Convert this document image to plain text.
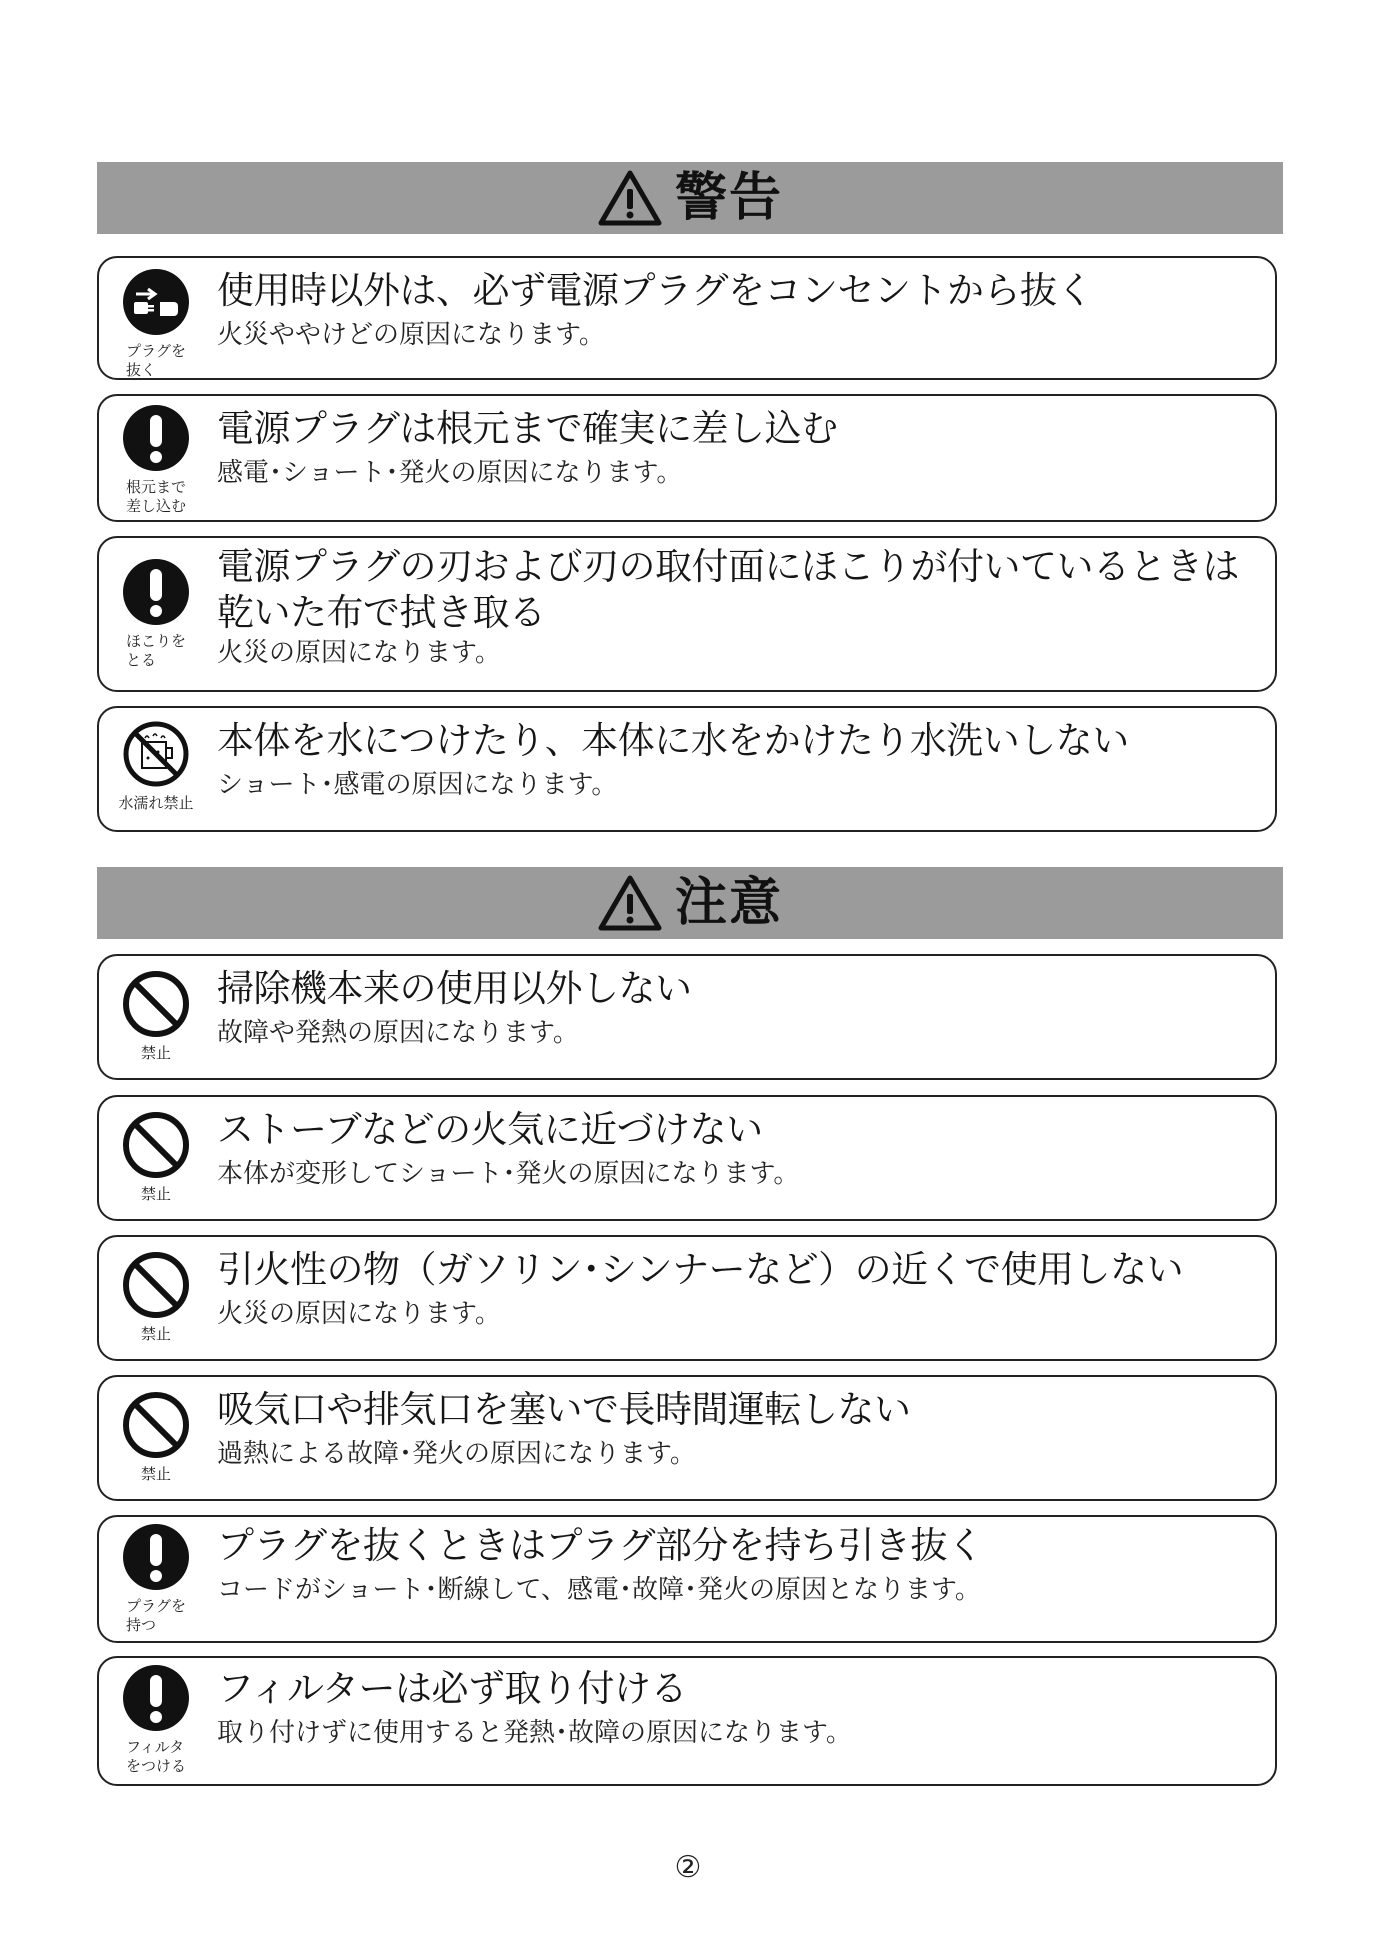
警告
プラグを
抜く
使用時以外は、必ず電源プラグをコンセントから抜く

火災ややけどの原因になります。

根元まで
差し込む
電源プラグは根元まで確実に差し込む

感電･ショート･発火の原因になります。

ほこりを
とる
電源プラグの刃および刃の取付面にほこりが付いているときは乾いた布で拭き取る

火災の原因になります。

水濡れ禁止
本体を水につけたり、本体に水をかけたり水洗いしない

ショート･感電の原因になります。

注意
禁止
掃除機本来の使用以外しない

故障や発熱の原因になります。

禁止
ストーブなどの火気に近づけない

本体が変形してショート･発火の原因になります。

禁止
引火性の物（ガソリン･シンナーなど）の近くで使用しない

火災の原因になります。

禁止
吸気口や排気口を塞いで長時間運転しない

過熱による故障･発火の原因になります。

プラグを
持つ
プラグを抜くときはプラグ部分を持ち引き抜く

コードがショート･断線して、感電･故障･発火の原因となります。

フィルタ
をつける
フィルターは必ず取り付ける

取り付けずに使用すると発熱･故障の原因になります。

②
